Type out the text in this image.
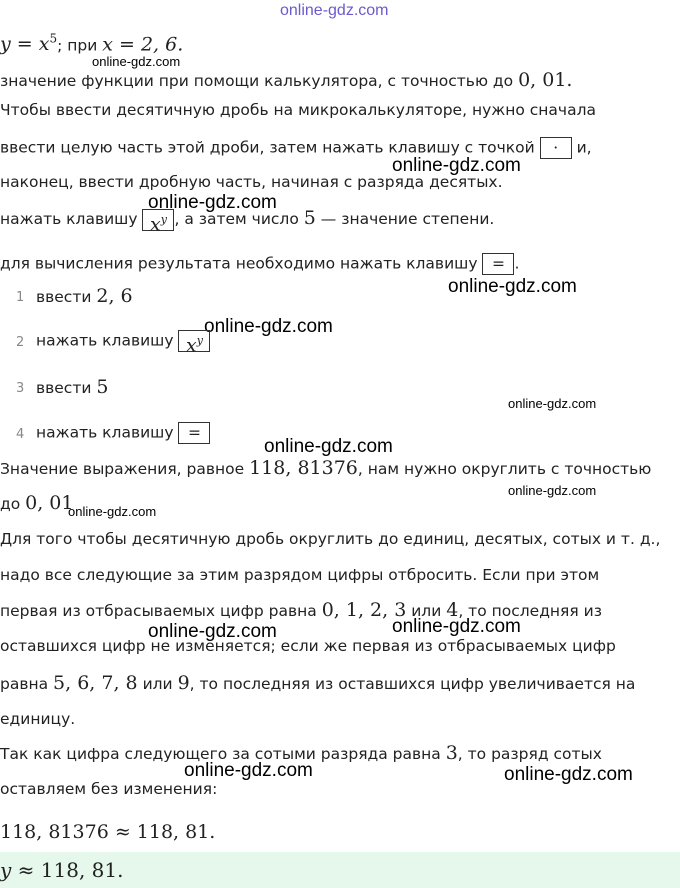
online-gdz.com
online-gdz.com
online-gdz.com
online-gdz.com
online-gdz.com
online-gdz.com
online-gdz.com
online-gdz.com
online-gdz.com
online-gdz.com
online-gdz.com	online-gdz.com
online-gdz.com	online-gdz.com
$y = x^5$; при x = 2, 6.
значение функции при помощи калькулятора, с точностью до 0, 01.
Чтобы ввести десятичную дробь на микрокалькуляторе, нужно сначала
ввести целую часть этой дроби, затем нажать клавишу с точкой · и,
наконец, ввести дробную часть, начиная с разряда десятых.
нажать клавишу $x^y$ , а затем число 5 — значение степени.
для вычисления результата необходимо нажать клавишу = .
1 ввести 2, 6
2 нажать клавишу $x^y$
3 ввести 5
4 нажать клавишу =
Значение выражения, равное 118, 81376, нам нужно округлить с точностью
до 0, 01
Для того чтобы десятичную дробь округлить до единиц, десятых, сотых и т. д.,
надо все следующие за этим разрядом цифры отбросить. Если при этом
первая из отбрасываемых цифр равна 0, 1, 2, 3 или 4, то последняя из
оставшихся цифр не изменяется; если же первая из отбрасываемых цифр
равна 5, 6, 7, 8 или 9, то последняя из оставшихся цифр увеличивается на
единицу.
Так как цифра следующего за сотыми разряда равна 3, то разряд сотых
оставляем без изменения:
118, 81376 ≈ 118, 81.
y ≈ 118, 81.
